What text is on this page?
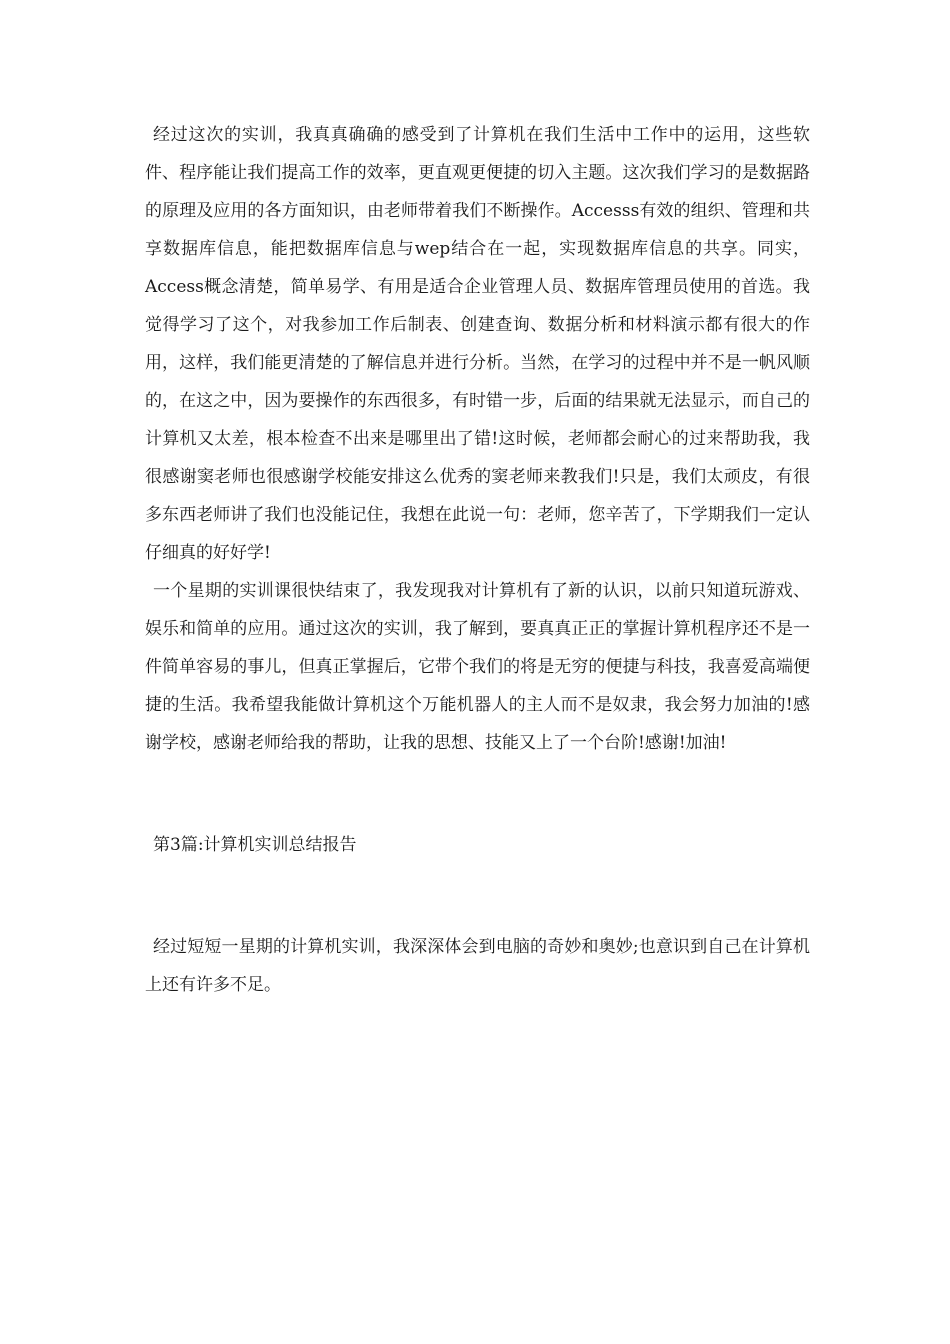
经过这次的实训，我真真确确的感受到了计算机在我们生活中工作中的运用，这些软件、程序能让我们提高工作的效率，更直观更便捷的切入主题。这次我们学习的是数据路的原理及应用的各方面知识，由老师带着我们不断操作。Accesss有效的组织、管理和共享数据库信息，能把数据库信息与wep结合在一起，实现数据库信息的共享。同实，Access概念清楚，简单易学、有用是适合企业管理人员、数据库管理员使用的首选。我觉得学习了这个，对我参加工作后制表、创建查询、数据分析和材料演示都有很大的作用，这样，我们能更清楚的了解信息并进行分析。当然，在学习的过程中并不是一帆风顺的，在这之中，因为要操作的东西很多，有时错一步，后面的结果就无法显示，而自己的计算机又太差，根本检查不出来是哪里出了错!这时候，老师都会耐心的过来帮助我，我很感谢窦老师也很感谢学校能安排这么优秀的窦老师来教我们!只是，我们太顽皮，有很多东西老师讲了我们也没能记住，我想在此说一句：老师，您辛苦了，下学期我们一定认仔细真的好好学!

一个星期的实训课很快结束了，我发现我对计算机有了新的认识，以前只知道玩游戏、娱乐和简单的应用。通过这次的实训，我了解到，要真真正正的掌握计算机程序还不是一件简单容易的事儿，但真正掌握后，它带个我们的将是无穷的便捷与科技，我喜爱高端便捷的生活。我希望我能做计算机这个万能机器人的主人而不是奴隶，我会努力加油的!感谢学校，感谢老师给我的帮助，让我的思想、技能又上了一个台阶!感谢!加油!

第3篇:计算机实训总结报告

经过短短一星期的计算机实训，我深深体会到电脑的奇妙和奥妙;也意识到自己在计算机上还有许多不足。
